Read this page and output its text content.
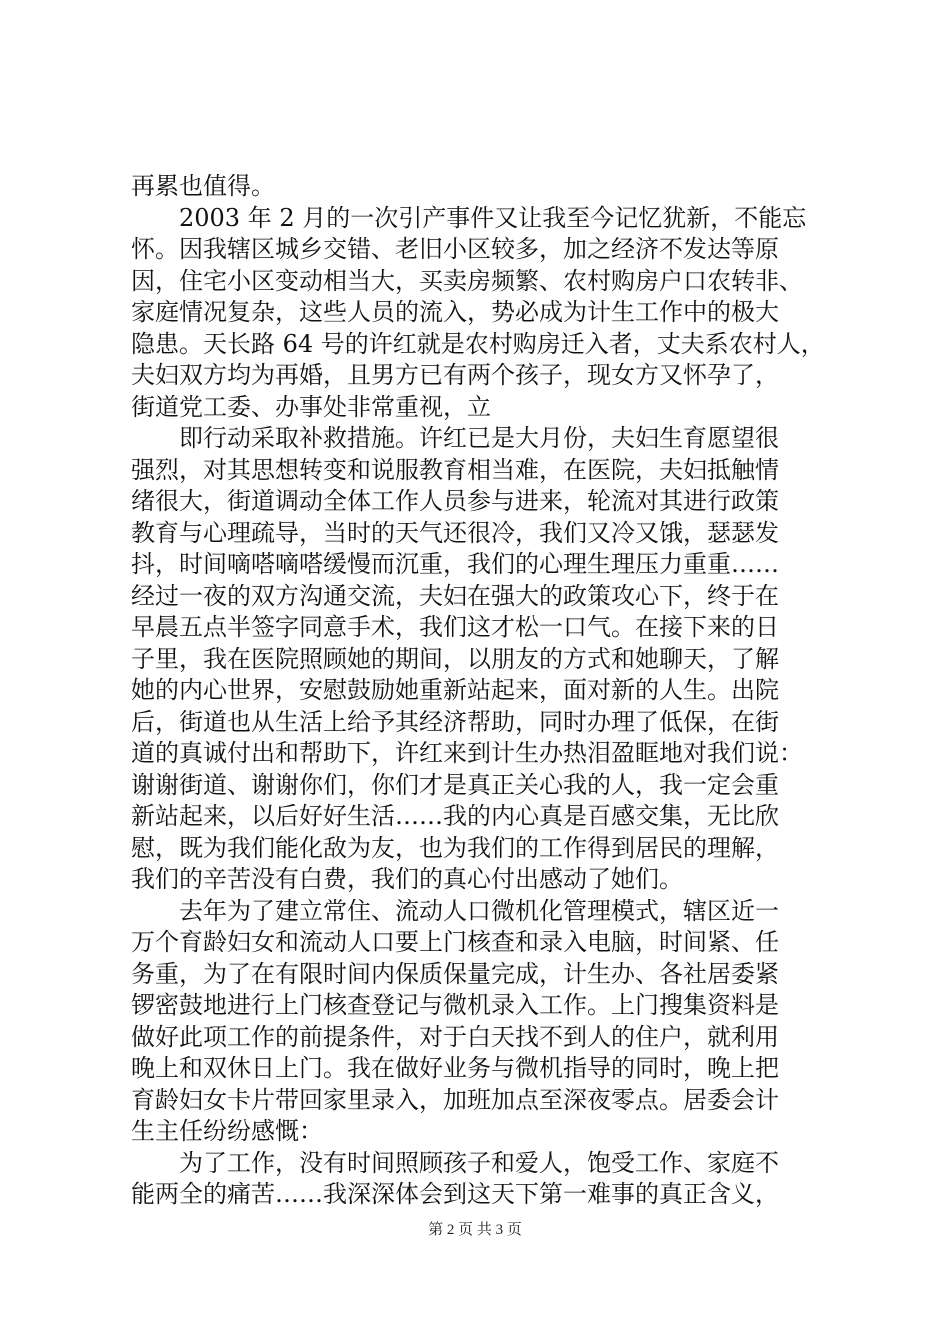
再累也值得。
　　2003 年 2 月的一次引产事件又让我至今记忆犹新，不能忘
怀。因我辖区城乡交错、老旧小区较多，加之经济不发达等原
因，住宅小区变动相当大，买卖房频繁、农村购房户口农转非、
家庭情况复杂，这些人员的流入，势必成为计生工作中的极大
隐患。天长路 64 号的许红就是农村购房迁入者，丈夫系农村人，
夫妇双方均为再婚，且男方已有两个孩子，现女方又怀孕了，
街道党工委、办事处非常重视，立
　　即行动采取补救措施。许红已是大月份，夫妇生育愿望很
强烈，对其思想转变和说服教育相当难，在医院，夫妇抵触情
绪很大，街道调动全体工作人员参与进来，轮流对其进行政策
教育与心理疏导，当时的天气还很冷，我们又冷又饿，瑟瑟发
抖，时间嘀嗒嘀嗒缓慢而沉重，我们的心理生理压力重重……
经过一夜的双方沟通交流，夫妇在强大的政策攻心下，终于在
早晨五点半签字同意手术，我们这才松一口气。在接下来的日
子里，我在医院照顾她的期间，以朋友的方式和她聊天，了解
她的内心世界，安慰鼓励她重新站起来，面对新的人生。出院
后，街道也从生活上给予其经济帮助，同时办理了低保，在街
道的真诚付出和帮助下，许红来到计生办热泪盈眶地对我们说：
谢谢街道、谢谢你们，你们才是真正关心我的人，我一定会重
新站起来，以后好好生活……我的内心真是百感交集，无比欣
慰，既为我们能化敌为友，也为我们的工作得到居民的理解，
我们的辛苦没有白费，我们的真心付出感动了她们。
　　去年为了建立常住、流动人口微机化管理模式，辖区近一
万个育龄妇女和流动人口要上门核查和录入电脑，时间紧、任
务重，为了在有限时间内保质保量完成，计生办、各社居委紧
锣密鼓地进行上门核查登记与微机录入工作。上门搜集资料是
做好此项工作的前提条件，对于白天找不到人的住户，就利用
晚上和双休日上门。我在做好业务与微机指导的同时，晚上把
育龄妇女卡片带回家里录入，加班加点至深夜零点。居委会计
生主任纷纷感慨：
　　为了工作，没有时间照顾孩子和爱人，饱受工作、家庭不
能两全的痛苦……我深深体会到这天下第一难事的真正含义，
第 2 页 共 3 页
